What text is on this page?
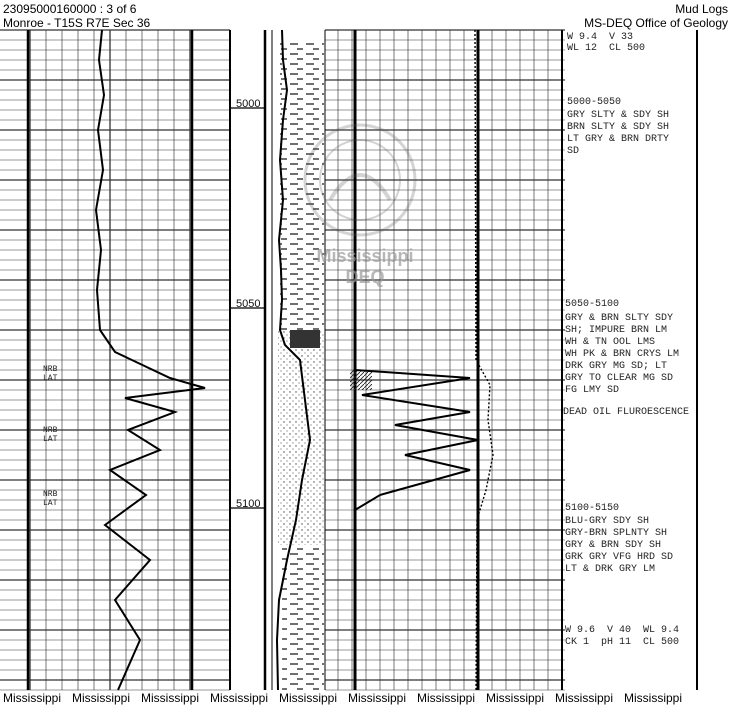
23095000160000 : 3 of 6
Monroe - T15S R7E Sec 36
Mud Logs
MS-DEQ Office of Geology
Mississippi DEQ
NRB
LAT
NRB
LAT
NRB
LAT
5000
5050
5100
W 9.4  V 33
WL 12  CL 500
5000-5050
GRY SLTY & SDY SH
BRN SLTY & SDY SH
LT GRY & BRN DRTY
SD
5050-5100
GRY & BRN SLTY SDY
SH; IMPURE BRN LM
WH & TN OOL LMS
WH PK & BRN CRYS LM
DRK GRY MG SD; LT
GRY TO CLEAR MG SD
FG LMY SD
DEAD OIL FLUROESCENCE
5100-5150
BLU-GRY SDY SH
GRY-BRN SPLNTY SH
GRY & BRN SDY SH
GRK GRY VFG HRD SD
LT & DRK GRY LM
W 9.6  V 40  WL 9.4
CK 1  pH 11  CL 500
Mississippi Mississippi Mississippi Mississippi Mississippi Mississippi Mississippi Mississippi Mississippi Mississippi
